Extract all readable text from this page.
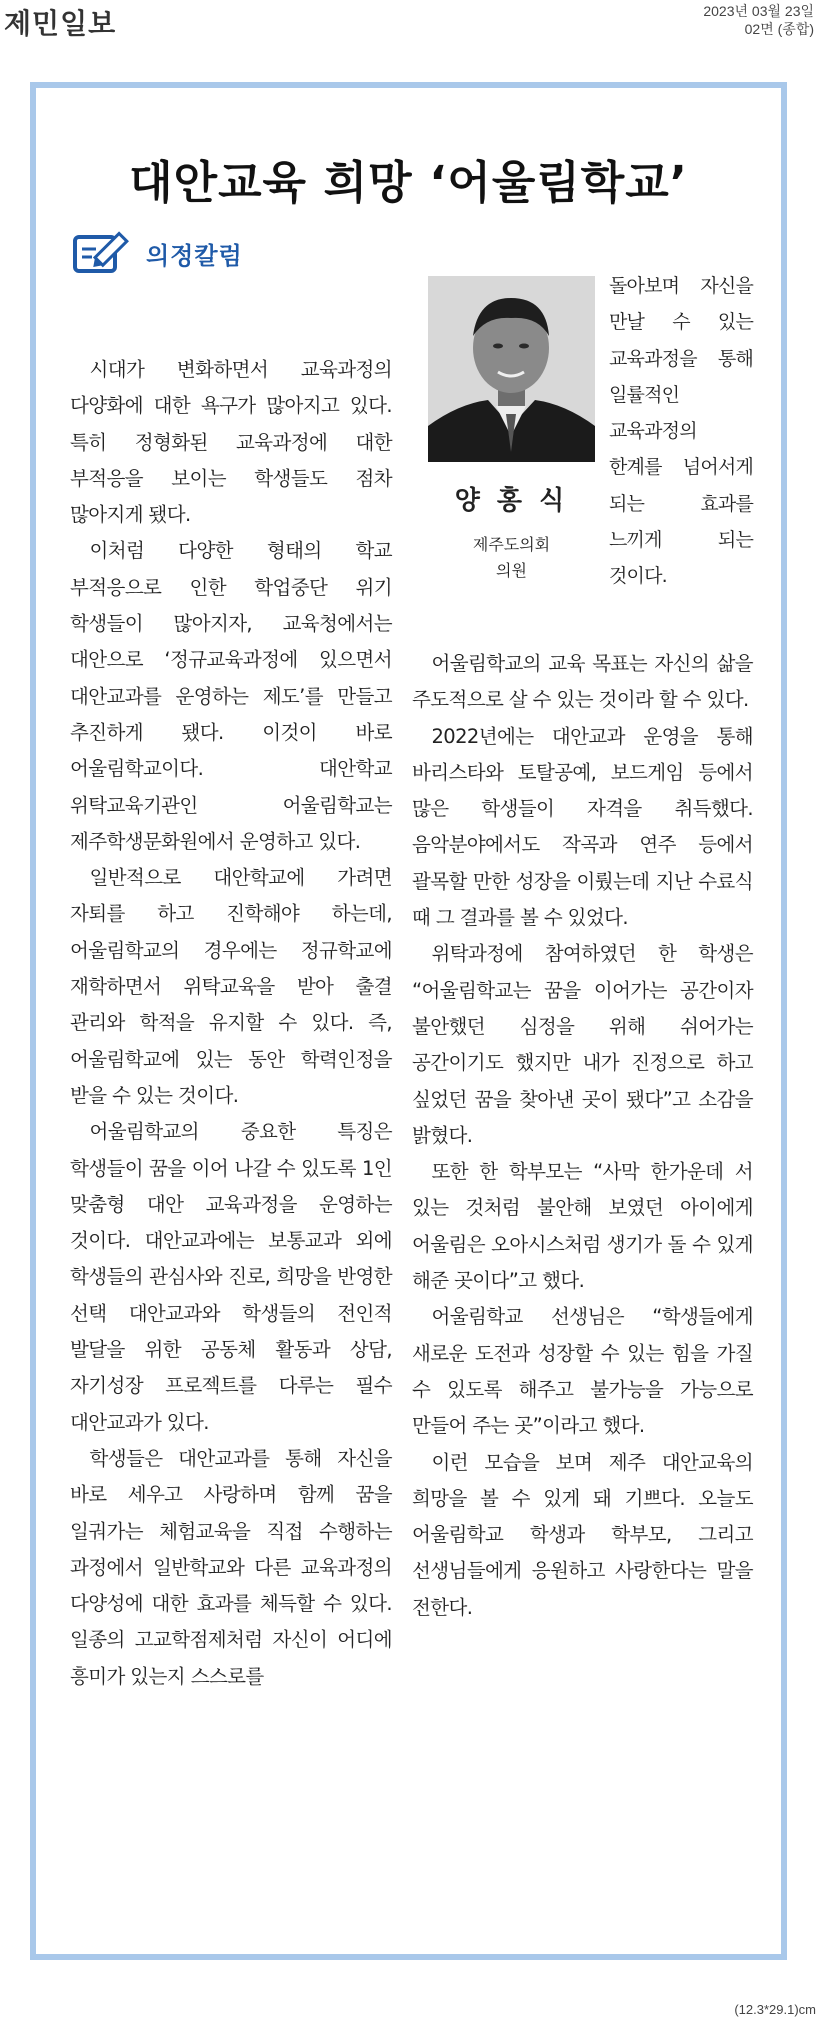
제민일보	2023년 03월 23일
02면 (종합)
대안교육 희망 ‘어울림학교’
의정칼럼
양 홍 식
제주도의회
의원

시대가 변화하면서 교육과정의 다양화에 대한 욕구가 많아지고 있다. 특히 정형화된 교육과정에 대한 부적응을 보이는 학생들도 점차 많아지게 됐다.

이처럼 다양한 형태의 학교 부적응으로 인한 학업중단 위기 학생들이 많아지자, 교육청에서는 대안으로 ‘정규교육과정에 있으면서 대안교과를 운영하는 제도’를 만들고 추진하게 됐다. 이것이 바로 어울림학교이다. 대안학교 위탁교육기관인 어울림학교는 제주학생문화원에서 운영하고 있다.

일반적으로 대안학교에 가려면 자퇴를 하고 진학해야 하는데, 어울림학교의 경우에는 정규학교에 재학하면서 위탁교육을 받아 출결 관리와 학적을 유지할 수 있다. 즉, 어울림학교에 있는 동안 학력인정을 받을 수 있는 것이다.

어울림학교의 중요한 특징은 학생들이 꿈을 이어 나갈 수 있도록 1인 맞춤형 대안 교육과정을 운영하는 것이다. 대안교과에는 보통교과 외에 학생들의 관심사와 진로, 희망을 반영한 선택 대안교과와 학생들의 전인적 발달을 위한 공동체 활동과 상담, 자기성장 프로젝트를 다루는 필수 대안교과가 있다.

학생들은 대안교과를 통해 자신을 바로 세우고 사랑하며 함께 꿈을 일궈가는 체험교육을 직접 수행하는 과정에서 일반학교와 다른 교육과정의 다양성에 대한 효과를 체득할 수 있다. 일종의 고교학점제처럼 자신이 어디에 흥미가 있는지 스스로를

돌아보며 자신을 만날 수 있는 교육과정을 통해 일률적인 교육과정의 한계를 넘어서게 되는 효과를 느끼게 되는 것이다.

어울림학교의 교육 목표는 자신의 삶을 주도적으로 살 수 있는 것이라 할 수 있다.

2022년에는 대안교과 운영을 통해 바리스타와 토탈공예, 보드게임 등에서 많은 학생들이 자격을 취득했다. 음악분야에서도 작곡과 연주 등에서 괄목할 만한 성장을 이뤘는데 지난 수료식 때 그 결과를 볼 수 있었다.

위탁과정에 참여하였던 한 학생은 “어울림학교는 꿈을 이어가는 공간이자 불안했던 심정을 위해 쉬어가는 공간이기도 했지만 내가 진정으로 하고 싶었던 꿈을 찾아낸 곳이 됐다”고 소감을 밝혔다.

또한 한 학부모는 “사막 한가운데 서 있는 것처럼 불안해 보였던 아이에게 어울림은 오아시스처럼 생기가 돌 수 있게 해준 곳이다”고 했다.

어울림학교 선생님은 “학생들에게 새로운 도전과 성장할 수 있는 힘을 가질 수 있도록 해주고 불가능을 가능으로 만들어 주는 곳”이라고 했다.

이런 모습을 보며 제주 대안교육의 희망을 볼 수 있게 돼 기쁘다. 오늘도 어울림학교 학생과 학부모, 그리고 선생님들에게 응원하고 사랑한다는 말을 전한다.

(12.3*29.1)cm
